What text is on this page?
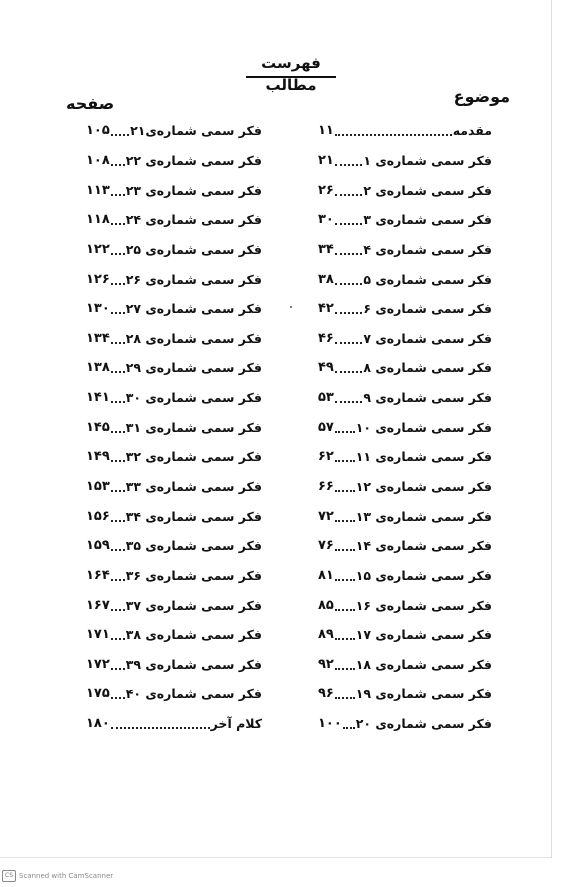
فهرست مطالب
موضوع
صفحه
مقدمه
۱۱
فکر سمی شماره‌ی ۱
۲۱
فکر سمی شماره‌ی ۲
۲۶
فکر سمی شماره‌ی ۳
۳۰
فکر سمی شماره‌ی ۴
۳۴
فکر سمی شماره‌ی ۵
۳۸
فکر سمی شماره‌ی ۶
۴۲
فکر سمی شماره‌ی ۷
۴۶
فکر سمی شماره‌ی ۸
۴۹
فکر سمی شماره‌ی ۹
۵۳
فکر سمی شماره‌ی ۱۰
۵۷
فکر سمی شماره‌ی ۱۱
۶۲
فکر سمی شماره‌ی ۱۲
۶۶
فکر سمی شماره‌ی ۱۳
۷۲
فکر سمی شماره‌ی ۱۴
۷۶
فکر سمی شماره‌ی ۱۵
۸۱
فکر سمی شماره‌ی ۱۶
۸۵
فکر سمی شماره‌ی ۱۷
۸۹
فکر سمی شماره‌ی ۱۸
۹۲
فکر سمی شماره‌ی ۱۹
۹۶
فکر سمی شماره‌ی ۲۰
۱۰۰
فکر سمی شماره‌ی۲۱
۱۰۵
فکر سمی شماره‌ی ۲۲
۱۰۸
فکر سمی شماره‌ی ۲۳
۱۱۳
فکر سمی شماره‌ی ۲۴
۱۱۸
فکر سمی شماره‌ی ۲۵
۱۲۲
فکر سمی شماره‌ی ۲۶
۱۲۶
فکر سمی شماره‌ی ۲۷
۱۳۰
فکر سمی شماره‌ی ۲۸
۱۳۴
فکر سمی شماره‌ی ۲۹
۱۳۸
فکر سمی شماره‌ی ۳۰
۱۴۱
فکر سمی شماره‌ی ۳۱
۱۴۵
فکر سمی شماره‌ی ۳۲
۱۴۹
فکر سمی شماره‌ی ۳۳
۱۵۳
فکر سمی شماره‌ی ۳۴
۱۵۶
فکر سمی شماره‌ی ۳۵
۱۵۹
فکر سمی شماره‌ی ۳۶
۱۶۴
فکر سمی شماره‌ی ۳۷
۱۶۷
فکر سمی شماره‌ی ۳۸
۱۷۱
فکر سمی شماره‌ی ۳۹
۱۷۲
فکر سمی شماره‌ی ۴۰
۱۷۵
کلام آخر
۱۸۰
CS Scanned with CamScanner
